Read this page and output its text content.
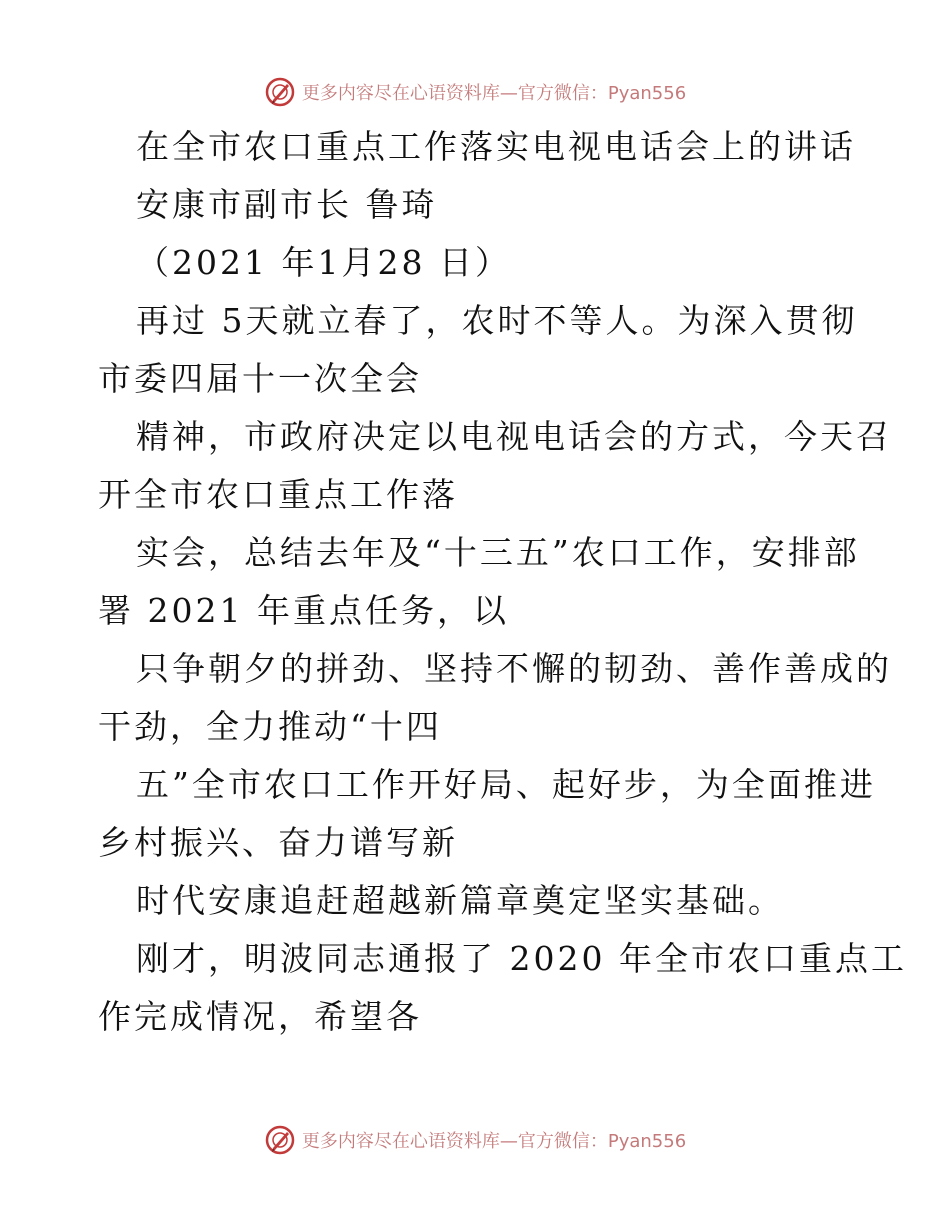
更多内容尽在心语资料库—官方微信：Pyan556
在全市农口重点工作落实电视电话会上的讲话
安康市副市长 鲁琦
（2021 年1月28 日）
再过 5天就立春了，农时不等人。为深入贯彻
市委四届十一次全会
精神，市政府决定以电视电话会的方式，今天召
开全市农口重点工作落
实会，总结去年及“十三五”农口工作，安排部
署 2021 年重点任务，以
只争朝夕的拼劲、坚持不懈的韧劲、善作善成的
干劲，全力推动“十四
五”全市农口工作开好局、起好步，为全面推进
乡村振兴、奋力谱写新
时代安康追赶超越新篇章奠定坚实基础。
刚才，明波同志通报了 2020 年全市农口重点工
作完成情况，希望各
更多内容尽在心语资料库—官方微信：Pyan556
